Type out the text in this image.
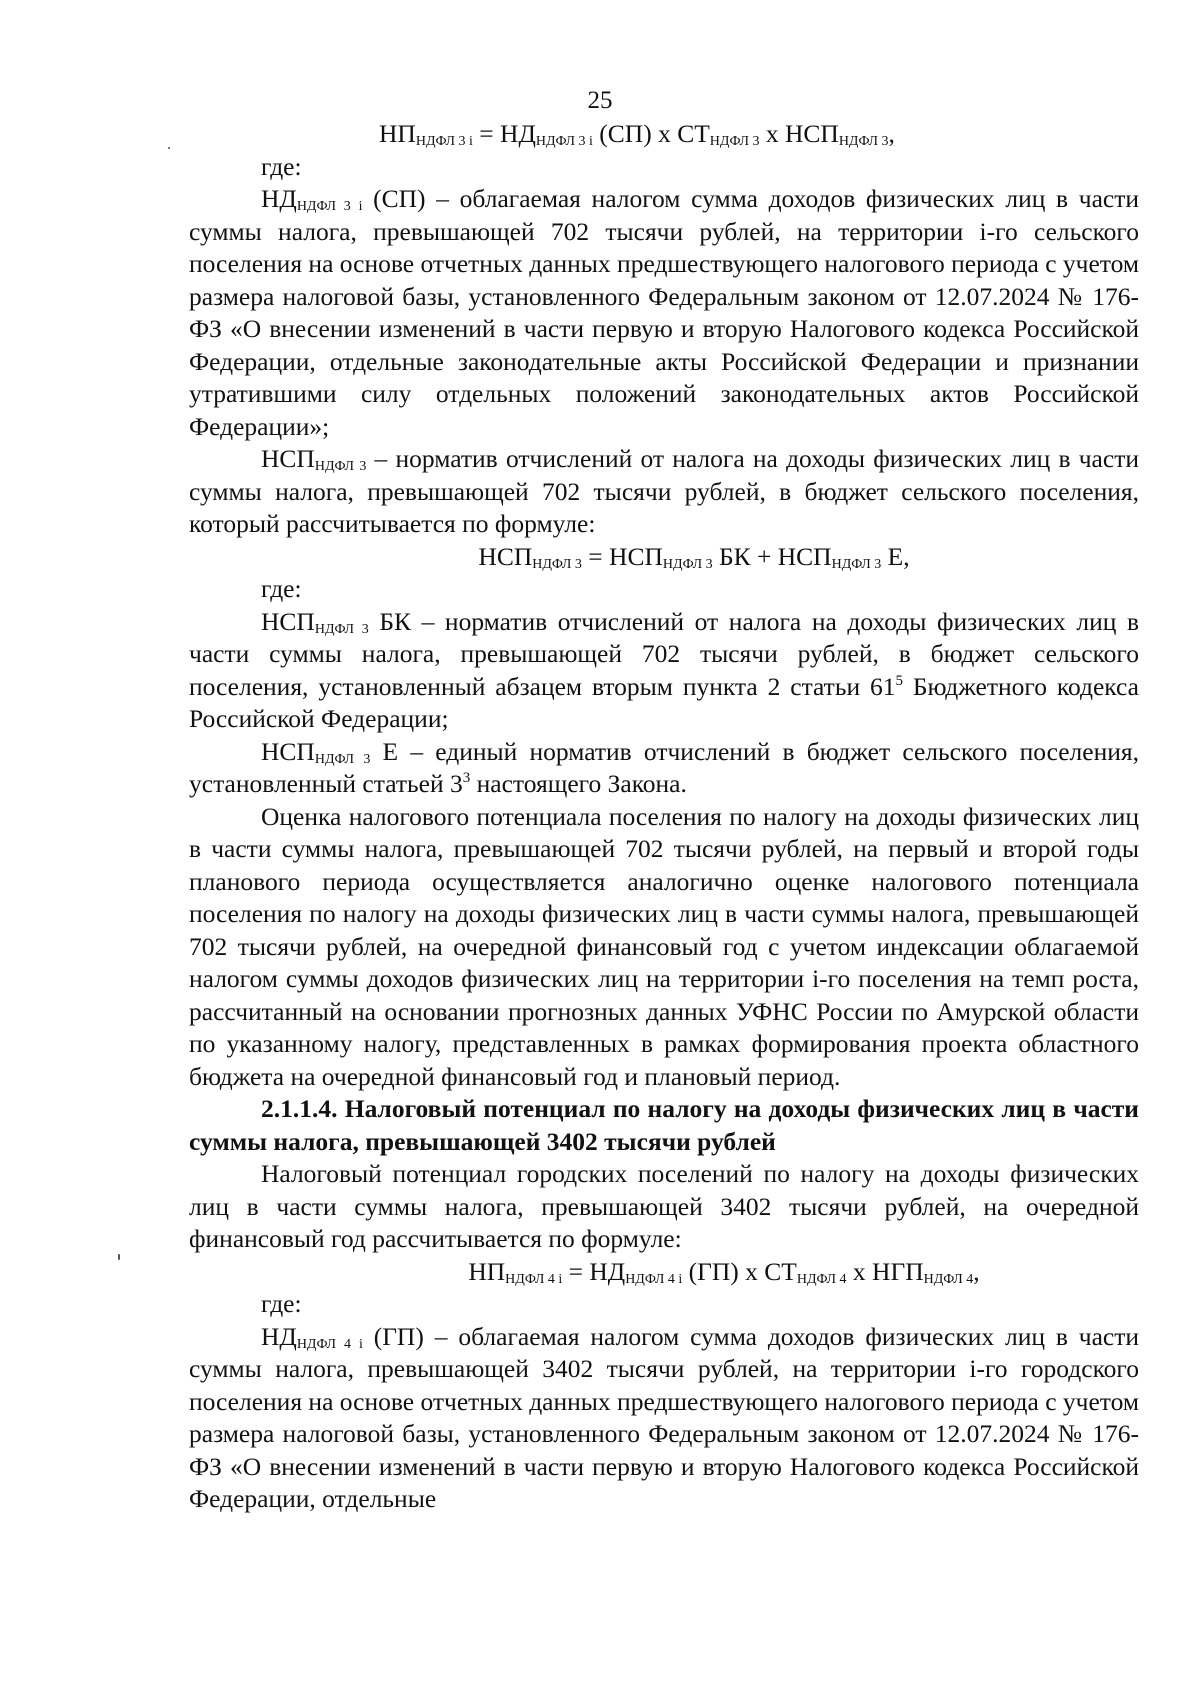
25

$НП_{НДФЛ 3 i} = НД_{НДФЛ 3 i}$ (СП) х $СТ_{НДФЛ 3}$ х $НСП_{НДФЛ 3}$,

где:

$НД_{НДФЛ 3 i}$ (СП) – облагаемая налогом сумма доходов физических лиц в части суммы налога, превышающей 702 тысячи рублей, на территории i-го сельского поселения на основе отчетных данных предшествующего налогового периода с учетом размера налоговой базы, установленного Федеральным законом от 12.07.2024 № 176-ФЗ «О внесении изменений в части первую и вторую Налогового кодекса Российской Федерации, отдельные законодательные акты Российской Федерации и признании утратившими силу отдельных положений законодательных актов Российской Федерации»;

$НСП_{НДФЛ 3}$ – норматив отчислений от налога на доходы физических лиц в части суммы налога, превышающей 702 тысячи рублей, в бюджет сельского поселения, который рассчитывается по формуле:

$НСП_{НДФЛ 3} = НСП_{НДФЛ 3}$ БК + $НСП_{НДФЛ 3}$ Е,

где:

$НСП_{НДФЛ 3}$ БК – норматив отчислений от налога на доходы физических лиц в части суммы налога, превышающей 702 тысячи рублей, в бюджет сельского поселения, установленный абзацем вторым пункта 2 статьи $61^5$ Бюджетного кодекса Российской Федерации;

$НСП_{НДФЛ 3}$ Е – единый норматив отчислений в бюджет сельского поселения, установленный статьей $3^3$ настоящего Закона.

Оценка налогового потенциала поселения по налогу на доходы физических лиц в части суммы налога, превышающей 702 тысячи рублей, на первый и второй годы планового периода осуществляется аналогично оценке налогового потенциала поселения по налогу на доходы физических лиц в части суммы налога, превышающей 702 тысячи рублей, на очередной финансовый год с учетом индексации облагаемой налогом суммы доходов физических лиц на территории i-го поселения на темп роста, рассчитанный на основании прогнозных данных УФНС России по Амурской области по указанному налогу, представленных в рамках формирования проекта областного бюджета на очередной финансовый год и плановый период.

2.1.1.4. Налоговый потенциал по налогу на доходы физических лиц в части суммы налога, превышающей 3402 тысячи рублей

Налоговый потенциал городских поселений по налогу на доходы физических лиц в части суммы налога, превышающей 3402 тысячи рублей, на очередной финансовый год рассчитывается по формуле:

$НП_{НДФЛ 4 i} = НД_{НДФЛ 4 i}$ (ГП) х $СТ_{НДФЛ 4}$ х $НГП_{НДФЛ 4}$,

где:

$НД_{НДФЛ 4 i}$ (ГП) – облагаемая налогом сумма доходов физических лиц в части суммы налога, превышающей 3402 тысячи рублей, на территории i-го городского поселения на основе отчетных данных предшествующего налогового периода с учетом размера налоговой базы, установленного Федеральным законом от 12.07.2024 № 176-ФЗ «О внесении изменений в части первую и вторую Налогового кодекса Российской Федерации, отдельные
